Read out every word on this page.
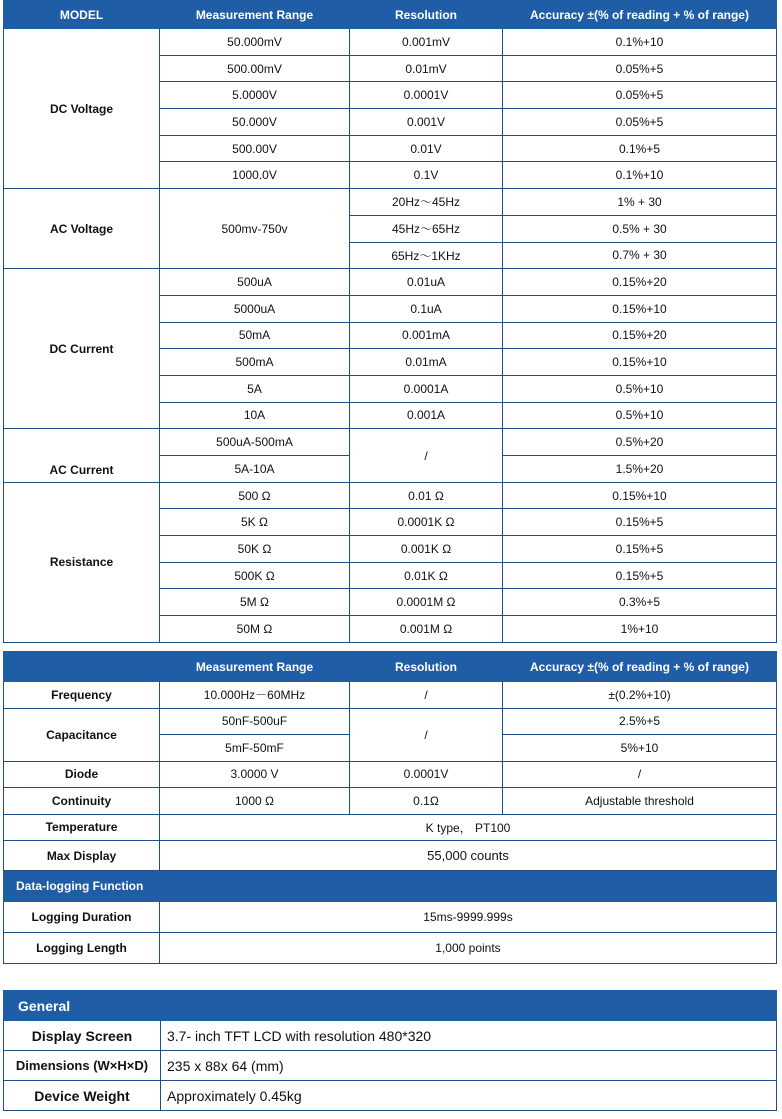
MODEL	Measurement Range	Resolution	Accuracy ±(% of reading + % of range)
DC Voltage	50.000mV	0.001mV	0.1%+10
	500.00mV	0.01mV	0.05%+5
	5.0000V	0.0001V	0.05%+5
	50.000V	0.001V	0.05%+5
	500.00V	0.01V	0.1%+5
	1000.0V	0.1V	0.1%+10
AC Voltage	500mv-750v	20Hz～45Hz	1% + 30
		45Hz～65Hz	0.5% + 30
		65Hz～1KHz	0.7% + 30
DC Current	500uA	0.01uA	0.15%+20
	5000uA	0.1uA	0.15%+10
	50mA	0.001mA	0.15%+20
	500mA	0.01mA	0.15%+10
	5A	0.0001A	0.5%+10
	10A	0.001A	0.5%+10
AC Current	500uA-500mA	/	0.5%+20
	5A-10A		1.5%+20
Resistance	500 Ω	0.01 Ω	0.15%+10
	5K Ω	0.0001K Ω	0.15%+5
	50K Ω	0.001K Ω	0.15%+5
	500K Ω	0.01K Ω	0.15%+5
	5M Ω	0.0001M Ω	0.3%+5
	50M Ω	0.001M Ω	1%+10
	Measurement Range	Resolution	Accuracy ±(% of reading + % of range)
Frequency	10.000Hz－60MHz	/	±(0.2%+10)
Capacitance	50nF-500uF	/	2.5%+5
	5mF-50mF		5%+10
Diode	3.0000 V	0.0001V	/
Continuity	1000 Ω	0.1Ω	Adjustable threshold
Temperature	K type， PT100		
Max Display	55,000 counts		
Data-logging Function			
Logging Duration	15ms-9999.999s		
Logging Length	1,000 points		
General	
Display Screen	3.7- inch TFT LCD with resolution 480*320
Dimensions (W×H×D)	235 x 88x 64 (mm)
Device Weight	Approximately 0.45kg
